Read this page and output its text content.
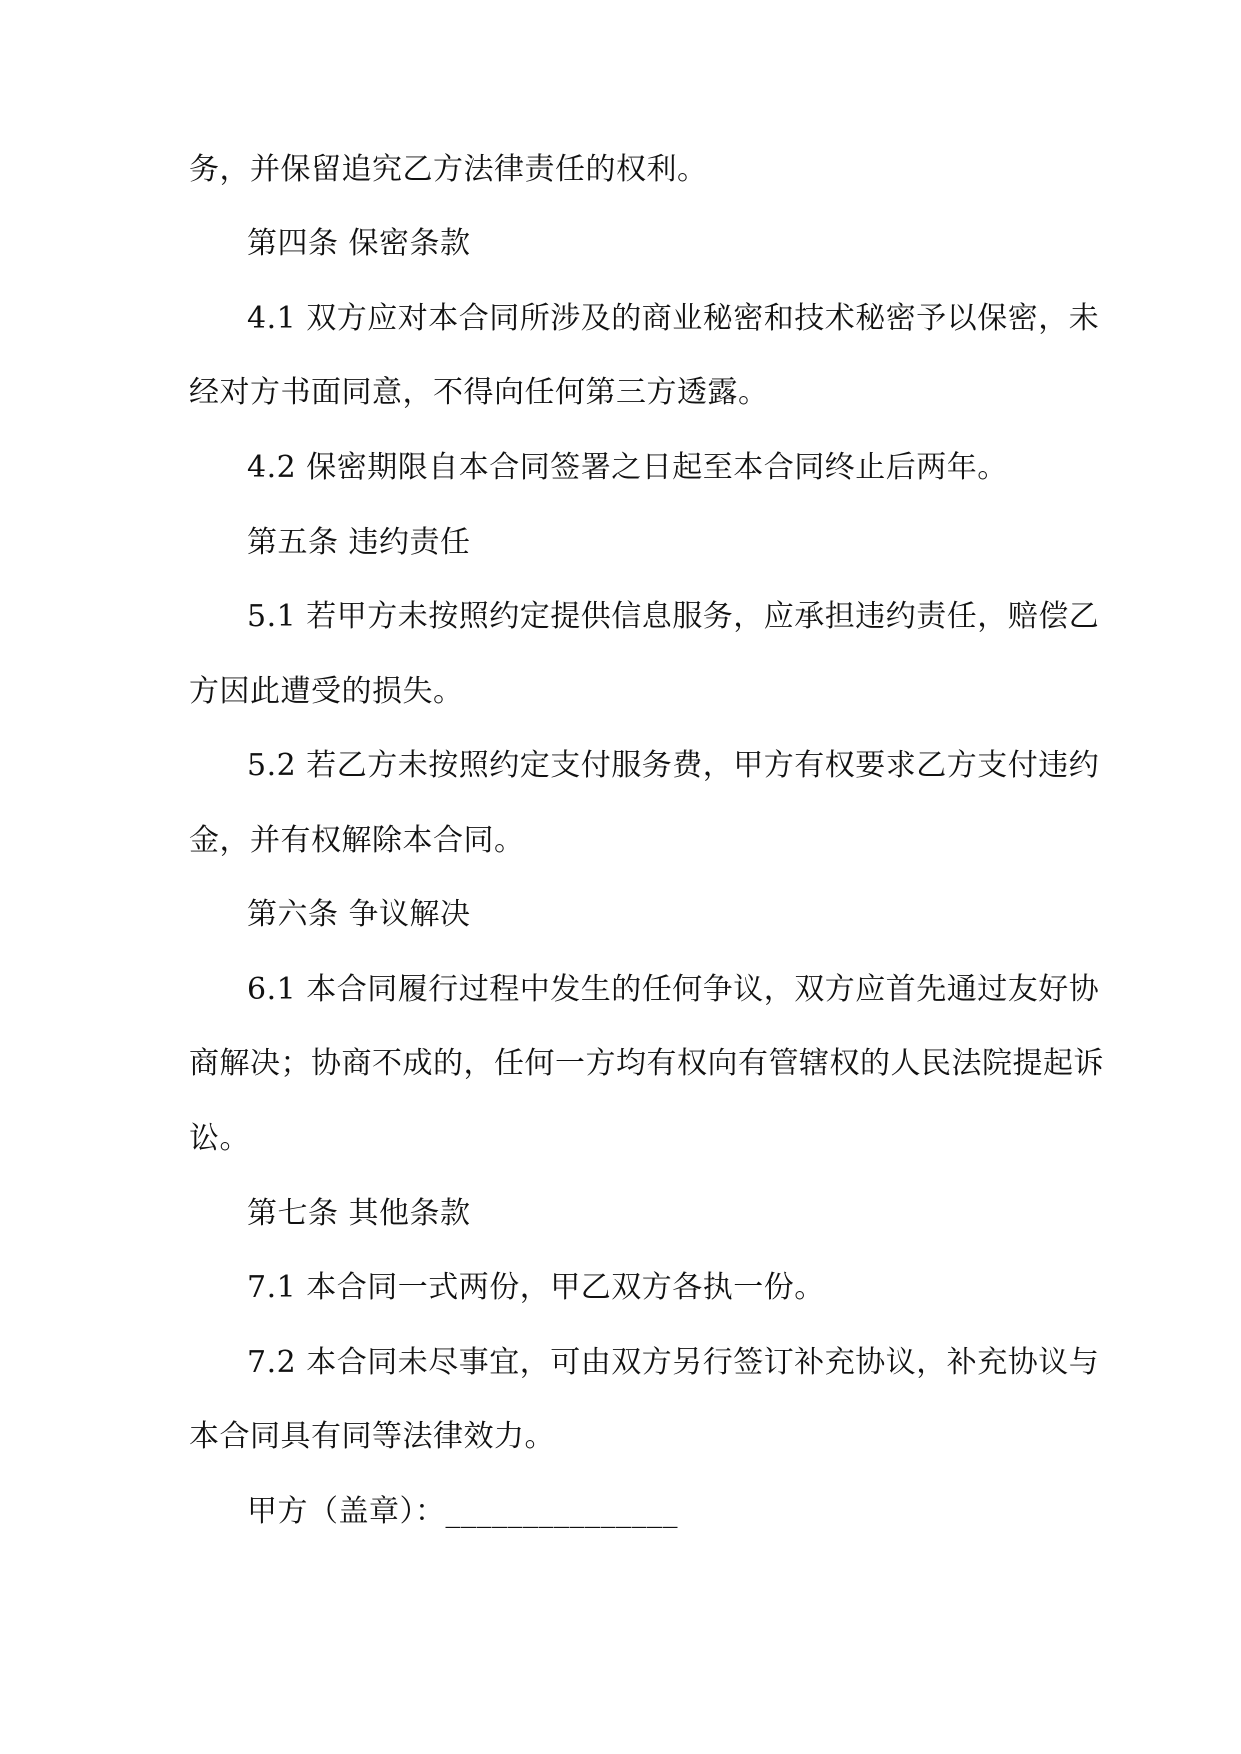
务，并保留追究乙方法律责任的权利。
第四条 保密条款
4.1 双方应对本合同所涉及的商业秘密和技术秘密予以保密，未
经对方书面同意，不得向任何第三方透露。
4.2 保密期限自本合同签署之日起至本合同终止后两年。
第五条 违约责任
5.1 若甲方未按照约定提供信息服务，应承担违约责任，赔偿乙
方因此遭受的损失。
5.2 若乙方未按照约定支付服务费，甲方有权要求乙方支付违约
金，并有权解除本合同。
第六条 争议解决
6.1 本合同履行过程中发生的任何争议，双方应首先通过友好协
商解决；协商不成的，任何一方均有权向有管辖权的人民法院提起诉
讼。
第七条 其他条款
7.1 本合同一式两份，甲乙双方各执一份。
7.2 本合同未尽事宜，可由双方另行签订补充协议，补充协议与
本合同具有同等法律效力。
甲方（盖章）：_______________
